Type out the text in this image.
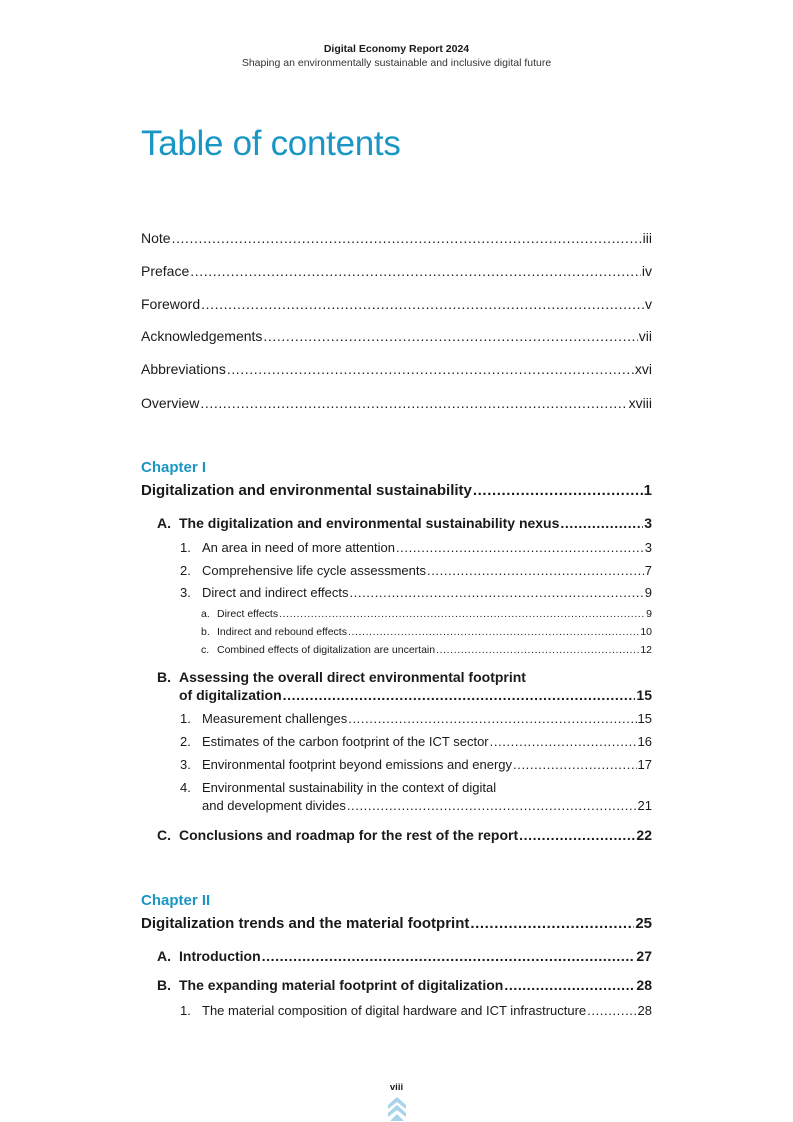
Digital Economy Report 2024
Shaping an environmentally sustainable and inclusive digital future
Table of contents
Note .....	iii
Preface .....	iv
Foreword .....	v
Acknowledgements .....	vii
Abbreviations .....	xvi
Overview .....	xviii
Chapter I
Digitalization and environmental sustainability .....	1
A. The digitalization and environmental sustainability nexus .....	3
1. An area in need of more attention .....	3
2. Comprehensive life cycle assessments .....	7
3. Direct and indirect effects .....	9
a. Direct effects .....	9
b. Indirect and rebound effects .....	10
c. Combined effects of digitalization are uncertain .....	12
B. Assessing the overall direct environmental footprint
of digitalization .....	15
1. Measurement challenges .....	15
2. Estimates of the carbon footprint of the ICT sector .....	16
3. Environmental footprint beyond emissions and energy .....	17
4. Environmental sustainability in the context of digital
and development divides .....	21
C. Conclusions and roadmap for the rest of the report .....	22
Chapter II
Digitalization trends and the material footprint .....	25
A. Introduction .....	27
B. The expanding material footprint of digitalization .....	28
1. The material composition of digital hardware and ICT infrastructure .....	28
viii
